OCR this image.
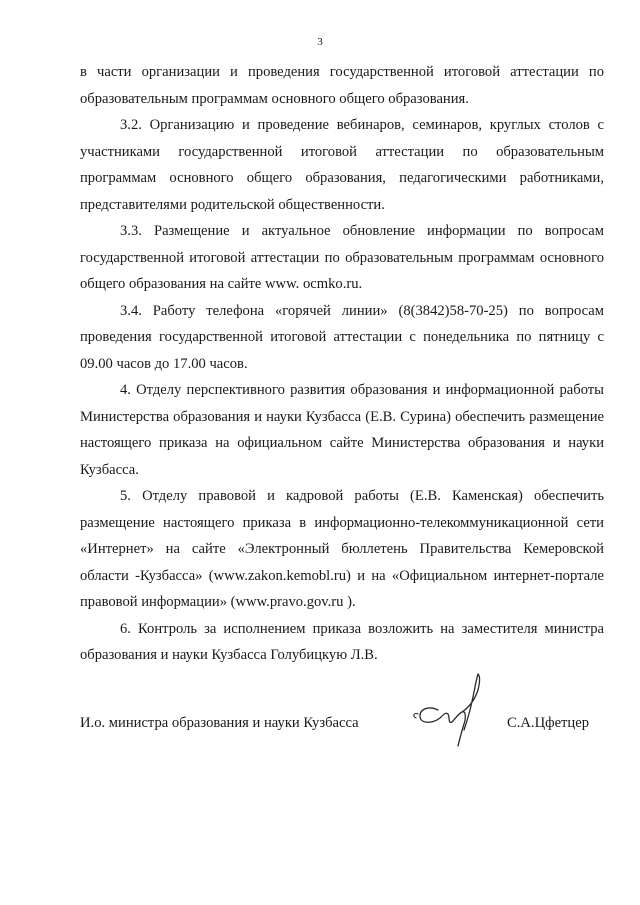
3

в части организации и проведения государственной итоговой аттестации по образовательным программам основного общего образования.

3.2. Организацию и проведение вебинаров, семинаров, круглых столов с участниками государственной итоговой аттестации по образовательным программам основного общего образования, педагогическими работниками, представителями родительской общественности.

3.3. Размещение и актуальное обновление информации по вопросам государственной итоговой аттестации по образовательным программам основного общего образования на сайте www. ocmko.ru.

3.4. Работу телефона «горячей линии» (8(3842)58-70-25) по вопросам проведения государственной итоговой аттестации с понедельника по пятницу с 09.00 часов до 17.00 часов.

4. Отделу перспективного развития образования и информационной работы Министерства образования и науки Кузбасса (Е.В. Сурина) обеспечить размещение настоящего приказа на официальном сайте Министерства образования и науки Кузбасса.

5. Отделу правовой и кадровой работы (Е.В. Каменская) обеспечить размещение настоящего приказа в информационно-телекоммуникационной сети «Интернет» на сайте «Электронный бюллетень Правительства Кемеровской области -Кузбасса» (www.zakon.kemobl.ru) и на «Официальном интернет-портале правовой информации» (www.pravo.gov.ru ).

6. Контроль за исполнением приказа возложить на заместителя министра образования и науки Кузбасса Голубицкую Л.В.

И.о. министра образования и науки Кузбасса	С.А.Цфетцер
